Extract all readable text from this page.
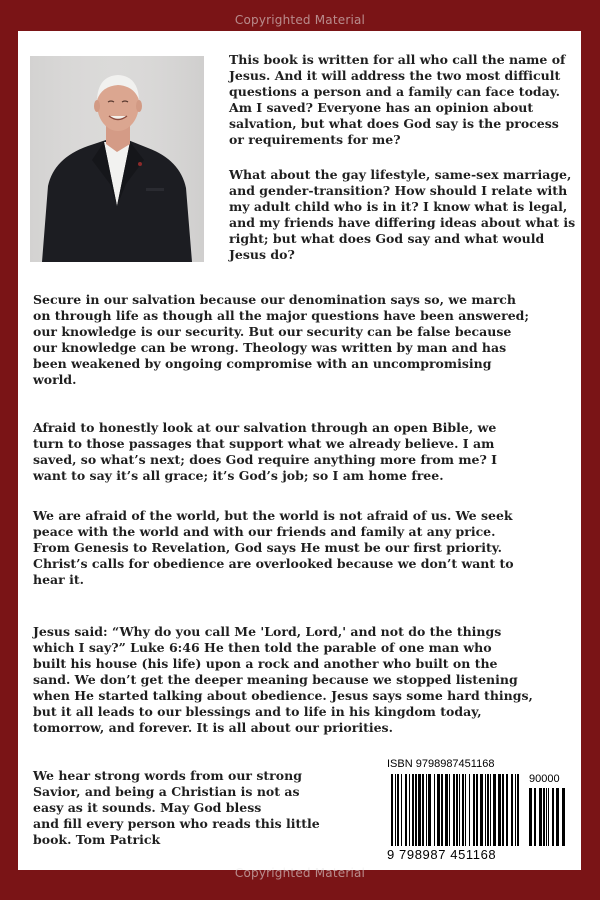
Copyrighted Material

This book is written for all who call the name of
Jesus. And it will address the two most difficult
questions a person and a family can face today.
Am I saved? Everyone has an opinion about
salvation, but what does God say is the process
or requirements for me?

What about the gay lifestyle, same-sex marriage,
and gender-transition? How should I relate with
my adult child who is in it? I know what is legal,
and my friends have differing ideas about what is
right; but what does God say and what would
Jesus do?

Secure in our salvation because our denomination says so, we march
on through life as though all the major questions have been answered;
our knowledge is our security. But our security can be false because
our knowledge can be wrong. Theology was written by man and has
been weakened by ongoing compromise with an uncompromising
world.

Afraid to honestly look at our salvation through an open Bible, we
turn to those passages that support what we already believe. I am
saved, so what’s next; does God require anything more from me? I
want to say it’s all grace; it’s God’s job; so I am home free.

We are afraid of the world, but the world is not afraid of us. We seek
peace with the world and with our friends and family at any price.
From Genesis to Revelation, God says He must be our first priority.
Christ’s calls for obedience are overlooked because we don’t want to
hear it.

Jesus said: “Why do you call Me 'Lord, Lord,' and not do the things
which I say?” Luke 6:46 He then told the parable of one man who
built his house (his life) upon a rock and another who built on the
sand. We don’t get the deeper meaning because we stopped listening
when He started talking about obedience. Jesus says some hard things,
but it all leads to our blessings and to life in his kingdom today,
tomorrow, and forever. It is all about our priorities.

We hear strong words from our strong
Savior, and being a Christian is not as
easy as it sounds. May God bless
and fill every person who reads this little
book. Tom Patrick

ISBN 9798987451168
90000
9 798987 451168
Copyrighted Material
